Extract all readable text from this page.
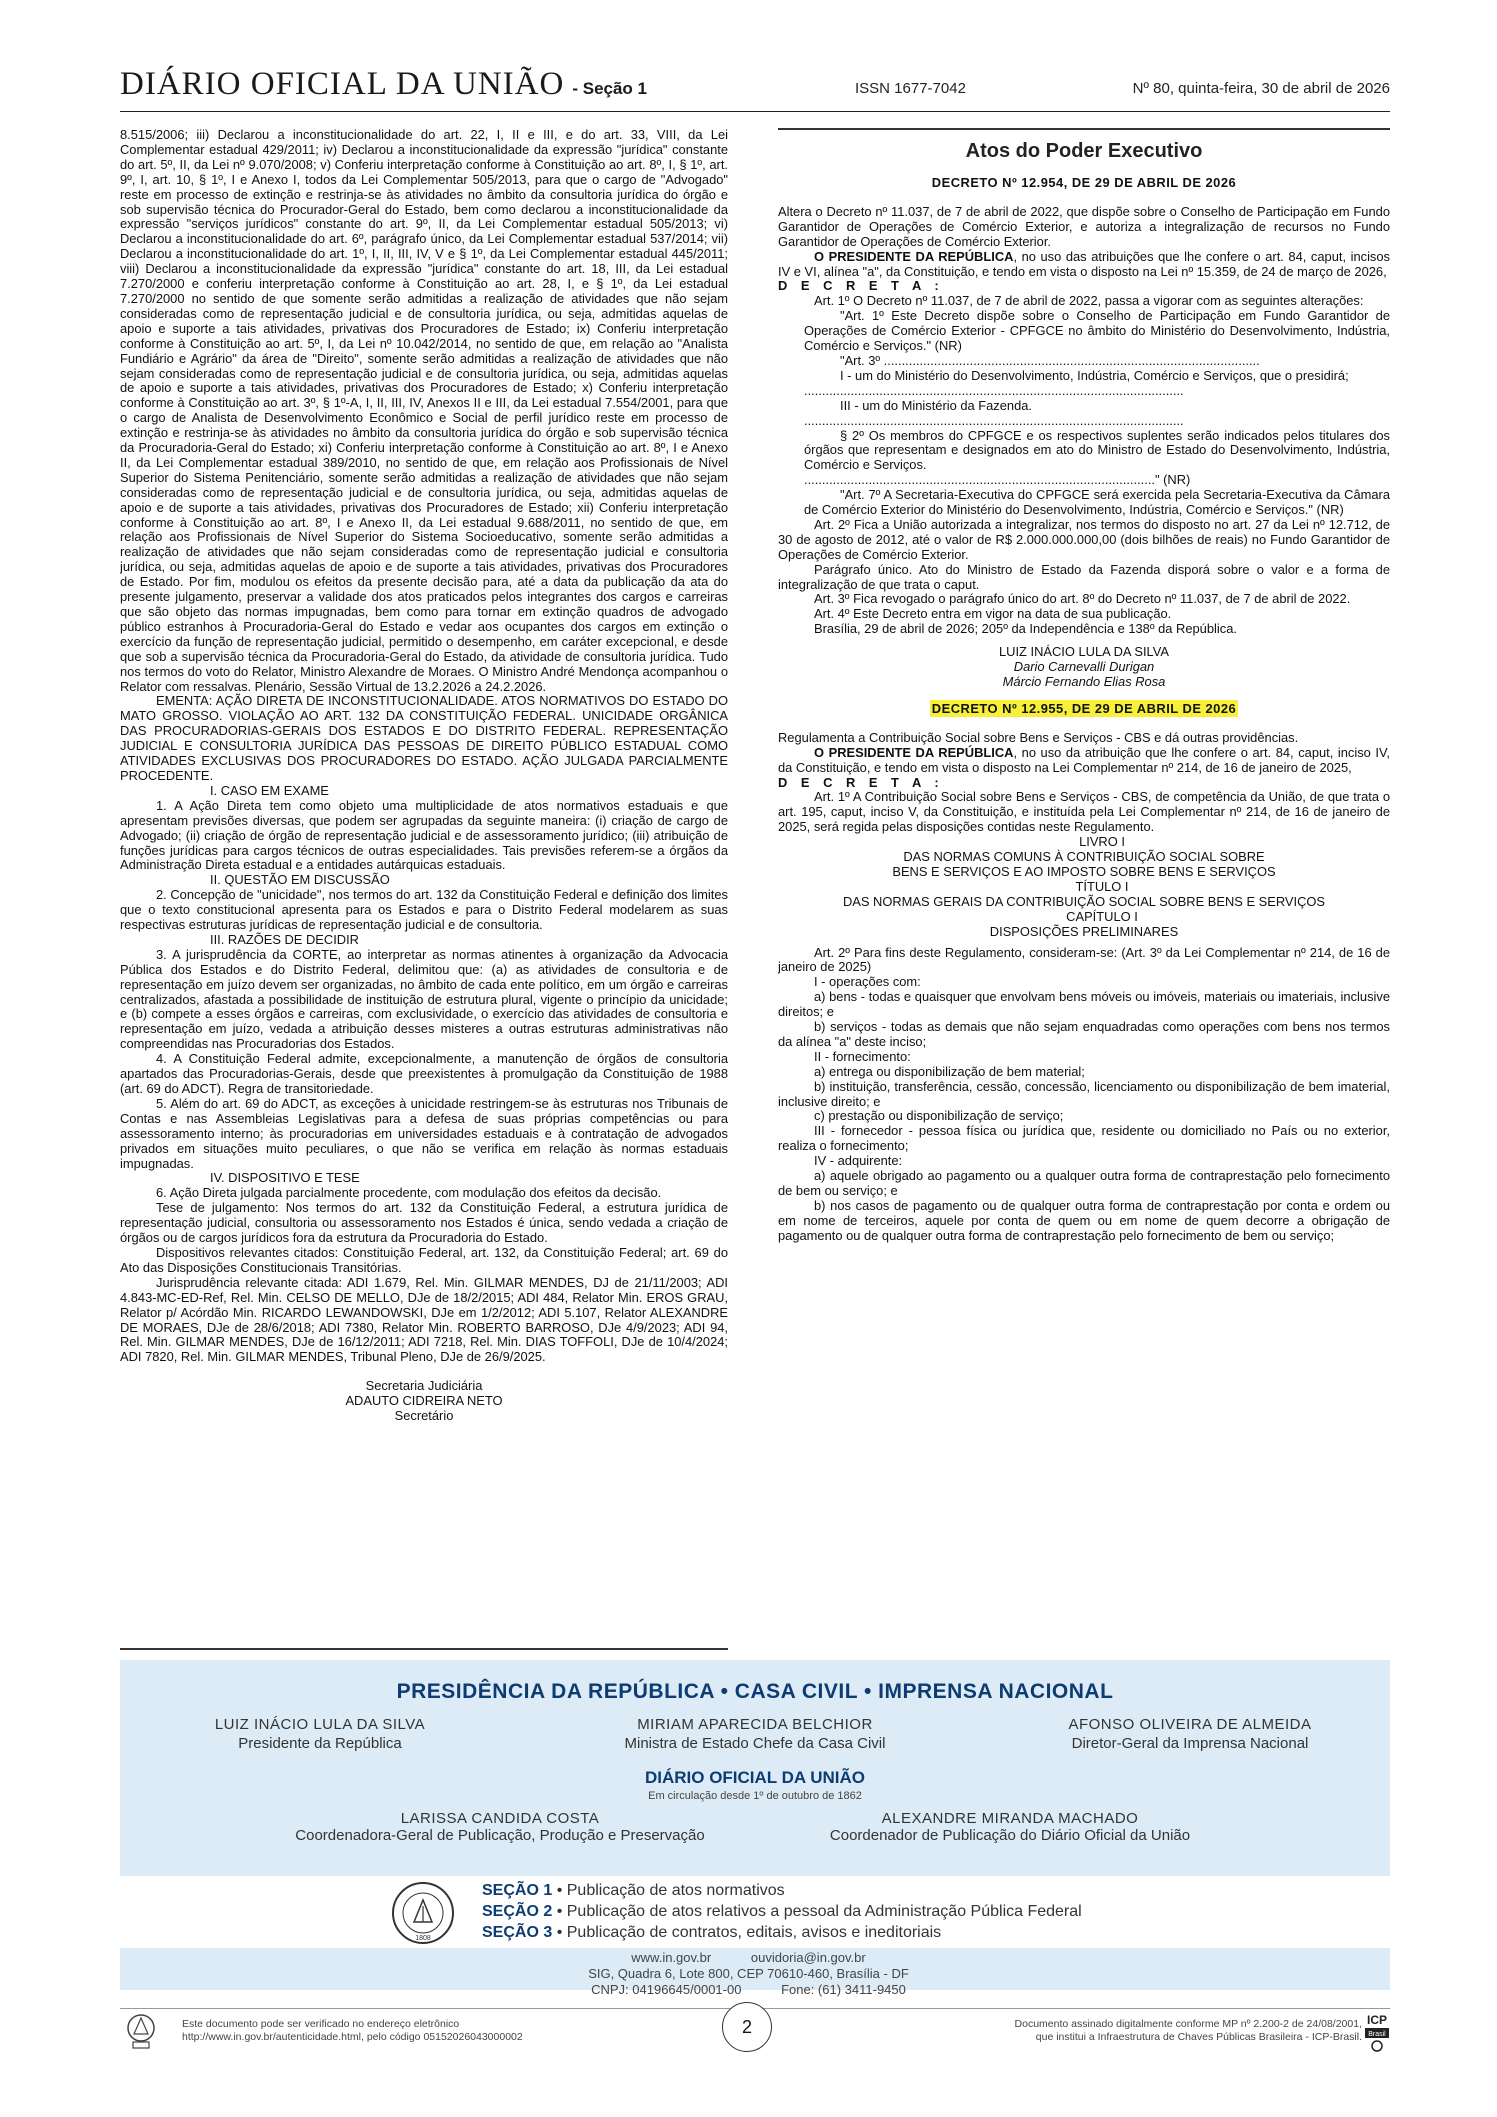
DIÁRIO OFICIAL DA UNIÃO - Seção 1	ISSN 1677-7042	Nº 80, quinta-feira, 30 de abril de 2026

8.515/2006; iii) Declarou a inconstitucionalidade do art. 22, I, II e III, e do art. 33, VIII, da Lei Complementar estadual 429/2011; iv) Declarou a inconstitucionalidade da expressão "jurídica" constante do art. 5º, II, da Lei nº 9.070/2008; v) Conferiu interpretação conforme à Constituição ao art. 8º, I, § 1º, art. 9º, I, art. 10, § 1º, I e Anexo I, todos da Lei Complementar 505/2013, para que o cargo de "Advogado" reste em processo de extinção e restrinja-se às atividades no âmbito da consultoria jurídica do órgão e sob supervisão técnica do Procurador-Geral do Estado, bem como declarou a inconstitucionalidade da expressão "serviços jurídicos" constante do art. 9º, II, da Lei Complementar estadual 505/2013; vi) Declarou a inconstitucionalidade do art. 6º, parágrafo único, da Lei Complementar estadual 537/2014; vii) Declarou a inconstitucionalidade do art. 1º, I, II, III, IV, V e § 1º, da Lei Complementar estadual 445/2011; viii) Declarou a inconstitucionalidade da expressão "jurídica" constante do art. 18, III, da Lei estadual 7.270/2000 e conferiu interpretação conforme à Constituição ao art. 28, I, e § 1º, da Lei estadual 7.270/2000 no sentido de que somente serão admitidas a realização de atividades que não sejam consideradas como de representação judicial e de consultoria jurídica, ou seja, admitidas aquelas de apoio e suporte a tais atividades, privativas dos Procuradores de Estado; ix) Conferiu interpretação conforme à Constituição ao art. 5º, I, da Lei nº 10.042/2014, no sentido de que, em relação ao "Analista Fundiário e Agrário" da área de "Direito", somente serão admitidas a realização de atividades que não sejam consideradas como de representação judicial e de consultoria jurídica, ou seja, admitidas aquelas de apoio e suporte a tais atividades, privativas dos Procuradores de Estado; x) Conferiu interpretação conforme à Constituição ao art. 3º, § 1º-A, I, II, III, IV, Anexos II e III, da Lei estadual 7.554/2001, para que o cargo de Analista de Desenvolvimento Econômico e Social de perfil jurídico reste em processo de extinção e restrinja-se às atividades no âmbito da consultoria jurídica do órgão e sob supervisão técnica da Procuradoria-Geral do Estado; xi) Conferiu interpretação conforme à Constituição ao art. 8º, I e Anexo II, da Lei Complementar estadual 389/2010, no sentido de que, em relação aos Profissionais de Nível Superior do Sistema Penitenciário, somente serão admitidas a realização de atividades que não sejam consideradas como de representação judicial e de consultoria jurídica, ou seja, admitidas aquelas de apoio e de suporte a tais atividades, privativas dos Procuradores de Estado; xii) Conferiu interpretação conforme à Constituição ao art. 8º, I e Anexo II, da Lei estadual 9.688/2011, no sentido de que, em relação aos Profissionais de Nível Superior do Sistema Socioeducativo, somente serão admitidas a realização de atividades que não sejam consideradas como de representação judicial e consultoria jurídica, ou seja, admitidas aquelas de apoio e de suporte a tais atividades, privativas dos Procuradores de Estado. Por fim, modulou os efeitos da presente decisão para, até a data da publicação da ata do presente julgamento, preservar a validade dos atos praticados pelos integrantes dos cargos e carreiras que são objeto das normas impugnadas, bem como para tornar em extinção quadros de advogado público estranhos à Procuradoria-Geral do Estado e vedar aos ocupantes dos cargos em extinção o exercício da função de representação judicial, permitido o desempenho, em caráter excepcional, e desde que sob a supervisão técnica da Procuradoria-Geral do Estado, da atividade de consultoria jurídica. Tudo nos termos do voto do Relator, Ministro Alexandre de Moraes. O Ministro André Mendonça acompanhou o Relator com ressalvas. Plenário, Sessão Virtual de 13.2.2026 a 24.2.2026.

EMENTA: AÇÃO DIRETA DE INCONSTITUCIONALIDADE. ATOS NORMATIVOS DO ESTADO DO MATO GROSSO. VIOLAÇÃO AO ART. 132 DA CONSTITUIÇÃO FEDERAL. UNICIDADE ORGÂNICA DAS PROCURADORIAS-GERAIS DOS ESTADOS E DO DISTRITO FEDERAL. REPRESENTAÇÃO JUDICIAL E CONSULTORIA JURÍDICA DAS PESSOAS DE DIREITO PÚBLICO ESTADUAL COMO ATIVIDADES EXCLUSIVAS DOS PROCURADORES DO ESTADO. AÇÃO JULGADA PARCIALMENTE PROCEDENTE.

I. CASO EM EXAME

1. A Ação Direta tem como objeto uma multiplicidade de atos normativos estaduais e que apresentam previsões diversas, que podem ser agrupadas da seguinte maneira: (i) criação de cargo de Advogado; (ii) criação de órgão de representação judicial e de assessoramento jurídico; (iii) atribuição de funções jurídicas para cargos técnicos de outras especialidades. Tais previsões referem-se a órgãos da Administração Direta estadual e a entidades autárquicas estaduais.

II. QUESTÃO EM DISCUSSÃO

2. Concepção de "unicidade", nos termos do art. 132 da Constituição Federal e definição dos limites que o texto constitucional apresenta para os Estados e para o Distrito Federal modelarem as suas respectivas estruturas jurídicas de representação judicial e de consultoria.

III. RAZÕES DE DECIDIR

3. A jurisprudência da CORTE, ao interpretar as normas atinentes à organização da Advocacia Pública dos Estados e do Distrito Federal, delimitou que: (a) as atividades de consultoria e de representação em juízo devem ser organizadas, no âmbito de cada ente político, em um órgão e carreiras centralizados, afastada a possibilidade de instituição de estrutura plural, vigente o princípio da unicidade; e (b) compete a esses órgãos e carreiras, com exclusividade, o exercício das atividades de consultoria e representação em juízo, vedada a atribuição desses misteres a outras estruturas administrativas não compreendidas nas Procuradorias dos Estados.

4. A Constituição Federal admite, excepcionalmente, a manutenção de órgãos de consultoria apartados das Procuradorias-Gerais, desde que preexistentes à promulgação da Constituição de 1988 (art. 69 do ADCT). Regra de transitoriedade.

5. Além do art. 69 do ADCT, as exceções à unicidade restringem-se às estruturas nos Tribunais de Contas e nas Assembleias Legislativas para a defesa de suas próprias competências ou para assessoramento interno; às procuradorias em universidades estaduais e à contratação de advogados privados em situações muito peculiares, o que não se verifica em relação às normas estaduais impugnadas.

IV. DISPOSITIVO E TESE

6. Ação Direta julgada parcialmente procedente, com modulação dos efeitos da decisão.

Tese de julgamento: Nos termos do art. 132 da Constituição Federal, a estrutura jurídica de representação judicial, consultoria ou assessoramento nos Estados é única, sendo vedada a criação de órgãos ou de cargos jurídicos fora da estrutura da Procuradoria do Estado.

Dispositivos relevantes citados: Constituição Federal, art. 132, da Constituição Federal; art. 69 do Ato das Disposições Constitucionais Transitórias.

Jurisprudência relevante citada: ADI 1.679, Rel. Min. GILMAR MENDES, DJ de 21/11/2003; ADI 4.843-MC-ED-Ref, Rel. Min. CELSO DE MELLO, DJe de 18/2/2015; ADI 484, Relator Min. EROS GRAU, Relator p/ Acórdão Min. RICARDO LEWANDOWSKI, DJe em 1/2/2012; ADI 5.107, Relator ALEXANDRE DE MORAES, DJe de 28/6/2018; ADI 7380, Relator Min. ROBERTO BARROSO, DJe 4/9/2023; ADI 94, Rel. Min. GILMAR MENDES, DJe de 16/12/2011; ADI 7218, Rel. Min. DIAS TOFFOLI, DJe de 10/4/2024; ADI 7820, Rel. Min. GILMAR MENDES, Tribunal Pleno, DJe de 26/9/2025.

Secretaria Judiciária
ADAUTO CIDREIRA NETO
Secretário
Atos do Poder Executivo
DECRETO Nº 12.954, DE 29 DE ABRIL DE 2026

Altera o Decreto nº 11.037, de 7 de abril de 2022, que dispõe sobre o Conselho de Participação em Fundo Garantidor de Operações de Comércio Exterior, e autoriza a integralização de recursos no Fundo Garantidor de Operações de Comércio Exterior.

O PRESIDENTE DA REPÚBLICA, no uso das atribuições que lhe confere o art. 84, caput, incisos IV e VI, alínea "a", da Constituição, e tendo em vista o disposto na Lei nº 15.359, de 24 de março de 2026,

D E C R E T A :

Art. 1º O Decreto nº 11.037, de 7 de abril de 2022, passa a vigorar com as seguintes alterações:

"Art. 1º Este Decreto dispõe sobre o Conselho de Participação em Fundo Garantidor de Operações de Comércio Exterior - CPFGCE no âmbito do Ministério do Desenvolvimento, Indústria, Comércio e Serviços." (NR)

"Art. 3º .........................................................................................................

I - um do Ministério do Desenvolvimento, Indústria, Comércio e Serviços, que o presidirá;

..........................................................................................................

III - um do Ministério da Fazenda.

..........................................................................................................

§ 2º Os membros do CPFGCE e os respectivos suplentes serão indicados pelos titulares dos órgãos que representam e designados em ato do Ministro de Estado do Desenvolvimento, Indústria, Comércio e Serviços.

.................................................................................................." (NR)

"Art. 7º A Secretaria-Executiva do CPFGCE será exercida pela Secretaria-Executiva da Câmara de Comércio Exterior do Ministério do Desenvolvimento, Indústria, Comércio e Serviços." (NR)

Art. 2º Fica a União autorizada a integralizar, nos termos do disposto no art. 27 da Lei nº 12.712, de 30 de agosto de 2012, até o valor de R$ 2.000.000.000,00 (dois bilhões de reais) no Fundo Garantidor de Operações de Comércio Exterior.

Parágrafo único. Ato do Ministro de Estado da Fazenda disporá sobre o valor e a forma de integralização de que trata o caput.

Art. 3º Fica revogado o parágrafo único do art. 8º do Decreto nº 11.037, de 7 de abril de 2022.

Art. 4º Este Decreto entra em vigor na data de sua publicação.

Brasília, 29 de abril de 2026; 205º da Independência e 138º da República.

LUIZ INÁCIO LULA DA SILVA
Dario Carnevalli Durigan
Márcio Fernando Elias Rosa
DECRETO Nº 12.955, DE 29 DE ABRIL DE 2026

Regulamenta a Contribuição Social sobre Bens e Serviços - CBS e dá outras providências.

O PRESIDENTE DA REPÚBLICA, no uso da atribuição que lhe confere o art. 84, caput, inciso IV, da Constituição, e tendo em vista o disposto na Lei Complementar nº 214, de 16 de janeiro de 2025,

D E C R E T A :

Art. 1º A Contribuição Social sobre Bens e Serviços - CBS, de competência da União, de que trata o art. 195, caput, inciso V, da Constituição, e instituída pela Lei Complementar nº 214, de 16 de janeiro de 2025, será regida pelas disposições contidas neste Regulamento.

LIVRO I

DAS NORMAS COMUNS À CONTRIBUIÇÃO SOCIAL SOBRE

BENS E SERVIÇOS E AO IMPOSTO SOBRE BENS E SERVIÇOS

TÍTULO I

DAS NORMAS GERAIS DA CONTRIBUIÇÃO SOCIAL SOBRE BENS E SERVIÇOS

CAPÍTULO I

DISPOSIÇÕES PRELIMINARES

Art. 2º Para fins deste Regulamento, consideram-se: (Art. 3º da Lei Complementar nº 214, de 16 de janeiro de 2025)

I - operações com:

a) bens - todas e quaisquer que envolvam bens móveis ou imóveis, materiais ou imateriais, inclusive direitos; e

b) serviços - todas as demais que não sejam enquadradas como operações com bens nos termos da alínea "a" deste inciso;

II - fornecimento:

a) entrega ou disponibilização de bem material;

b) instituição, transferência, cessão, concessão, licenciamento ou disponibilização de bem imaterial, inclusive direito; e

c) prestação ou disponibilização de serviço;

III - fornecedor - pessoa física ou jurídica que, residente ou domiciliado no País ou no exterior, realiza o fornecimento;

IV - adquirente:

a) aquele obrigado ao pagamento ou a qualquer outra forma de contraprestação pelo fornecimento de bem ou serviço; e

b) nos casos de pagamento ou de qualquer outra forma de contraprestação por conta e ordem ou em nome de terceiros, aquele por conta de quem ou em nome de quem decorre a obrigação de pagamento ou de qualquer outra forma de contraprestação pelo fornecimento de bem ou serviço;

PRESIDÊNCIA DA REPÚBLICA • CASA CIVIL • IMPRENSA NACIONAL
LUIZ INÁCIO LULA DA SILVA
Presidente da República
MIRIAM APARECIDA BELCHIOR
Ministra de Estado Chefe da Casa Civil
AFONSO OLIVEIRA DE ALMEIDA
Diretor-Geral da Imprensa Nacional
DIÁRIO OFICIAL DA UNIÃO
Em circulação desde 1º de outubro de 1862
LARISSA CANDIDA COSTA
Coordenadora-Geral de Publicação, Produção e Preservação
ALEXANDRE MIRANDA MACHADO
Coordenador de Publicação do Diário Oficial da União
1808
SEÇÃO 1 • Publicação de atos normativos
SEÇÃO 2 • Publicação de atos relativos a pessoal da Administração Pública Federal
SEÇÃO 3 • Publicação de contratos, editais, avisos e ineditoriais
www.in.gov.br	ouvidoria@in.gov.br
SIG, Quadra 6, Lote 800, CEP 70610-460, Brasília - DF
CNPJ: 04196645/0001-00	Fone: (61) 3411-9450
Este documento pode ser verificado no endereço eletrônico
http://www.in.gov.br/autenticidade.html, pelo código 05152026043000002	2	Documento assinado digitalmente conforme MP nº 2.200-2 de 24/08/2001,
que institui a Infraestrutura de Chaves Públicas Brasileira - ICP-Brasil.
ICP
Brasil
